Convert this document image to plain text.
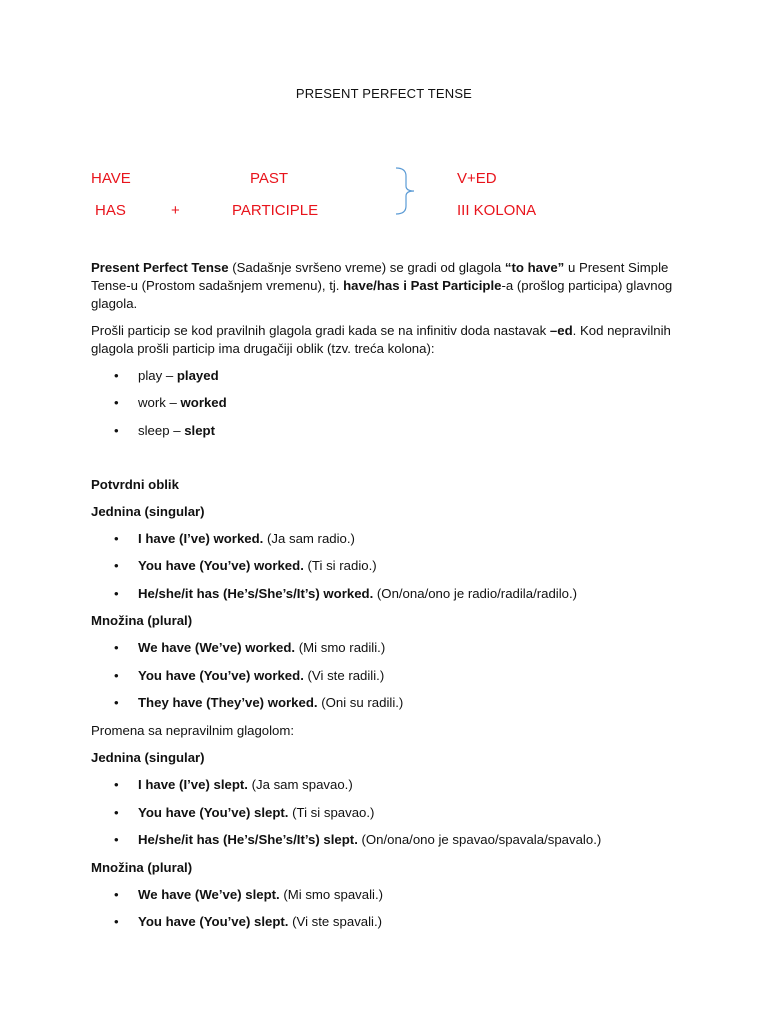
PRESENT PERFECT TENSE
HAVE
HAS	+
PAST
PARTICIPLE
V+ED
III KOLONA
Present Perfect Tense (Sadašnje svršeno vreme) se gradi od glagola “to have” u Present Simple Tense-u (Prostom sadašnjem vremenu), tj. have/has i Past Participle-a (prošlog participa) glavnog glagola.
Prošli particip se kod pravilnih glagola gradi kada se na infinitiv doda nastavak –ed. Kod nepravilnih glagola prošli particip ima drugačiji oblik (tzv. treća kolona):
• play – played
• work – worked
• sleep – slept
Potvrdni oblik
Jednina (singular)
• I have (I’ve) worked. (Ja sam radio.)
• You have (You’ve) worked. (Ti si radio.)
• He/she/it has (He’s/She’s/It’s) worked. (On/ona/ono je radio/radila/radilo.)
Množina (plural)
• We have (We’ve) worked. (Mi smo radili.)
• You have (You’ve) worked. (Vi ste radili.)
• They have (They’ve) worked. (Oni su radili.)
Promena sa nepravilnim glagolom:
Jednina (singular)
• I have (I’ve) slept. (Ja sam spavao.)
• You have (You’ve) slept. (Ti si spavao.)
• He/she/it has (He’s/She’s/It’s) slept. (On/ona/ono je spavao/spavala/spavalo.)
Množina (plural)
• We have (We’ve) slept. (Mi smo spavali.)
• You have (You’ve) slept. (Vi ste spavali.)
